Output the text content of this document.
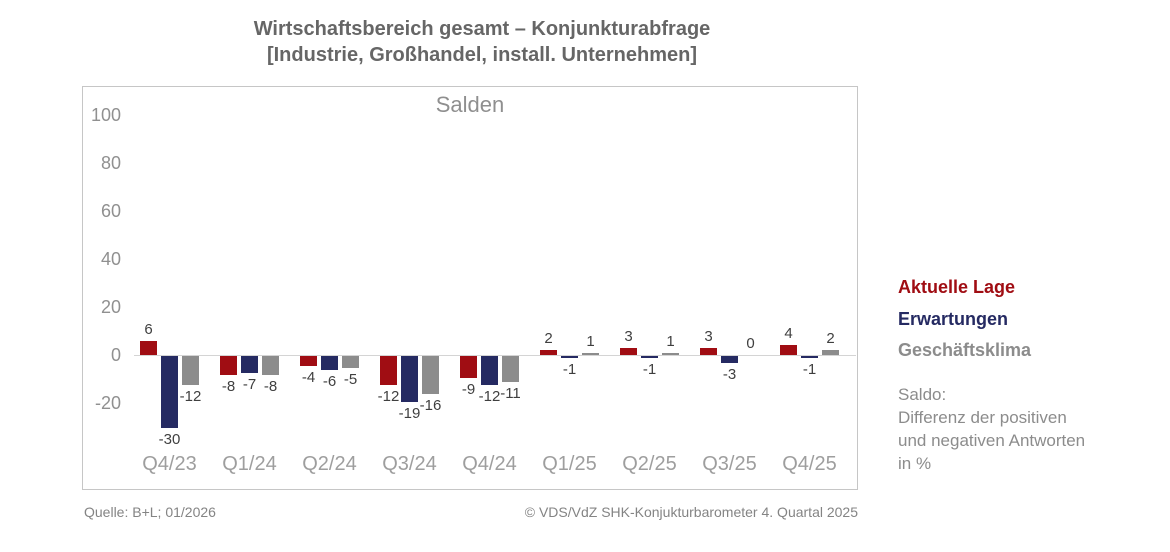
Wirtschaftsbereich gesamt – Konjunkturabfrage
[Industrie, Großhandel, install. Unternehmen]
Salden
100
80
60
40
20
0
-20
Q4/23	Q1/24	Q2/24	Q3/24	Q4/24	Q1/25	Q2/25	Q3/25	Q4/25
6
-8
-4
-12	-9
2	3	3	4
-30
-7	-6
-19
-12
-1	-1	-3	-1
-12
-8	-5
-16
-11
1	1	0	2
Aktuelle Lage
Erwartungen
Geschäftsklima
Saldo:
Differenz der positiven
und negativen Antworten
in %
Quelle: B+L; 01/2026	© VDS/VdZ SHK-Konjukturbarometer 4. Quartal 2025
